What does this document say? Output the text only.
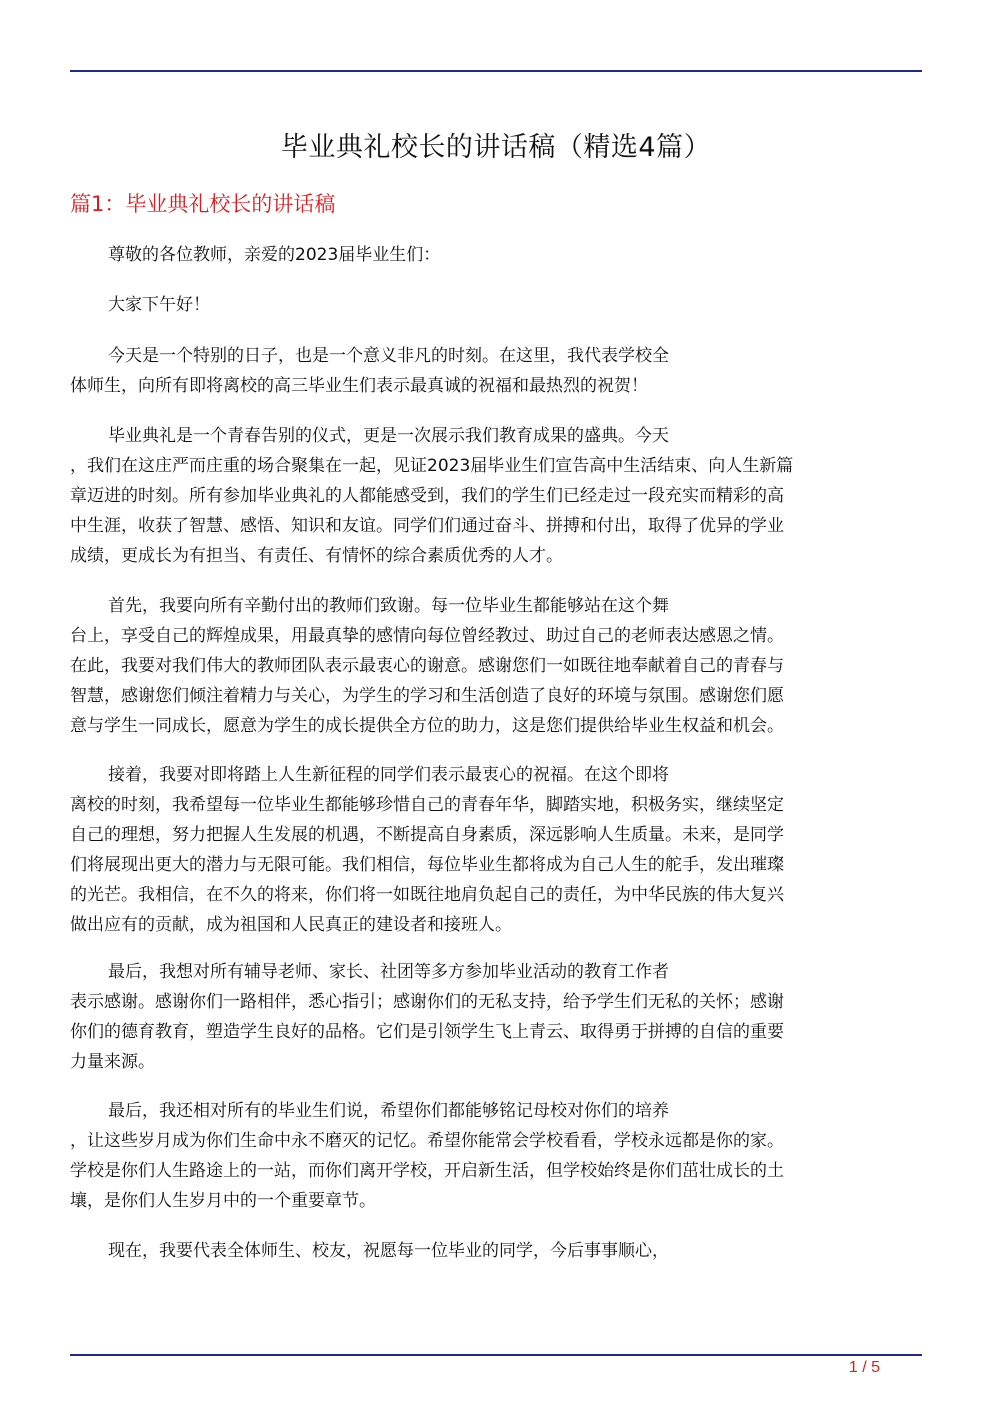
毕业典礼校长的讲话稿（精选4篇）
篇1：毕业典礼校长的讲话稿
尊敬的各位教师，亲爱的2023届毕业生们：
大家下午好！
今天是一个特别的日子，也是一个意义非凡的时刻。在这里，我代表学校全
体师生，向所有即将离校的高三毕业生们表示最真诚的祝福和最热烈的祝贺！
毕业典礼是一个青春告别的仪式，更是一次展示我们教育成果的盛典。今天
，我们在这庄严而庄重的场合聚集在一起，见证2023届毕业生们宣告高中生活结束、向人生新篇
章迈进的时刻。所有参加毕业典礼的人都能感受到，我们的学生们已经走过一段充实而精彩的高
中生涯，收获了智慧、感悟、知识和友谊。同学们们通过奋斗、拼搏和付出，取得了优异的学业
成绩，更成长为有担当、有责任、有情怀的综合素质优秀的人才。
首先，我要向所有辛勤付出的教师们致谢。每一位毕业生都能够站在这个舞
台上，享受自己的辉煌成果，用最真挚的感情向每位曾经教过、助过自己的老师表达感恩之情。
在此，我要对我们伟大的教师团队表示最衷心的谢意。感谢您们一如既往地奉献着自己的青春与
智慧，感谢您们倾注着精力与关心，为学生的学习和生活创造了良好的环境与氛围。感谢您们愿
意与学生一同成长，愿意为学生的成长提供全方位的助力，这是您们提供给毕业生权益和机会。
接着，我要对即将踏上人生新征程的同学们表示最衷心的祝福。在这个即将
离校的时刻，我希望每一位毕业生都能够珍惜自己的青春年华，脚踏实地，积极务实，继续坚定
自己的理想，努力把握人生发展的机遇，不断提高自身素质，深远影响人生质量。未来，是同学
们将展现出更大的潜力与无限可能。我们相信，每位毕业生都将成为自己人生的舵手，发出璀璨
的光芒。我相信，在不久的将来，你们将一如既往地肩负起自己的责任，为中华民族的伟大复兴
做出应有的贡献，成为祖国和人民真正的建设者和接班人。
最后，我想对所有辅导老师、家长、社团等多方参加毕业活动的教育工作者
表示感谢。感谢你们一路相伴，悉心指引；感谢你们的无私支持，给予学生们无私的关怀；感谢
你们的德育教育，塑造学生良好的品格。它们是引领学生飞上青云、取得勇于拼搏的自信的重要
力量来源。
最后，我还相对所有的毕业生们说，希望你们都能够铭记母校对你们的培养
，让这些岁月成为你们生命中永不磨灭的记忆。希望你能常会学校看看，学校永远都是你的家。
学校是你们人生路途上的一站，而你们离开学校，开启新生活，但学校始终是你们茁壮成长的土
壤，是你们人生岁月中的一个重要章节。
现在，我要代表全体师生、校友，祝愿每一位毕业的同学，今后事事顺心，
1 / 5
